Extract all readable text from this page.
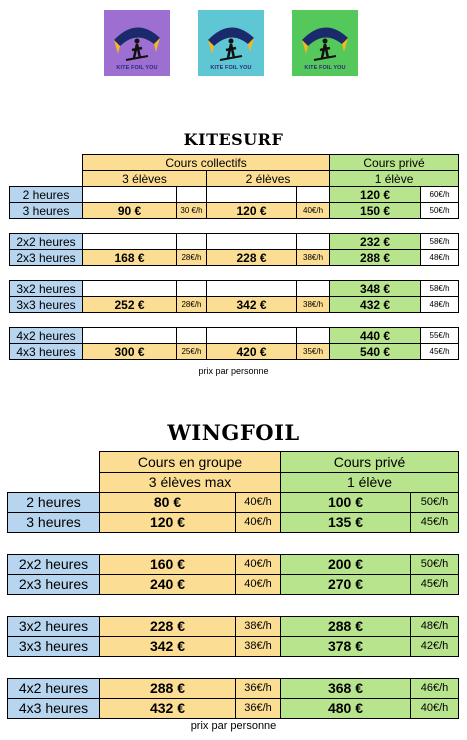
KITE FOIL YOU	KITE FOIL YOU	KITE FOIL YOU
KITESURF
	Cours collectifs				Cours privé	
	3 élèves		2 élèves		1 élève	
2 heures					120 €	60€/h
3 heures	90 €	30 €/h	120 €	40€/h	150 €	50€/h

2x2 heures					232 €	58€/h
2x3 heures	168 €	28€/h	228 €	38€/h	288 €	48€/h

3x2 heures					348 €	58€/h
3x3 heures	252 €	28€/h	342 €	38€/h	432 €	48€/h

4x2 heures					440 €	55€/h
4x3 heures	300 €	25€/h	420 €	35€/h	540 €	45€/h
prix par personne
WINGFOIL
	Cours en groupe		Cours privé	
	3 élèves max		1 élève	
2 heures	80 €	40€/h	100 €	50€/h
3 heures	120 €	40€/h	135 €	45€/h

2x2 heures	160 €	40€/h	200 €	50€/h
2x3 heures	240 €	40€/h	270 €	45€/h

3x2 heures	228 €	38€/h	288 €	48€/h
3x3 heures	342 €	38€/h	378 €	42€/h

4x2 heures	288 €	36€/h	368 €	46€/h
4x3 heures	432 €	36€/h	480 €	40€/h
prix par personne
